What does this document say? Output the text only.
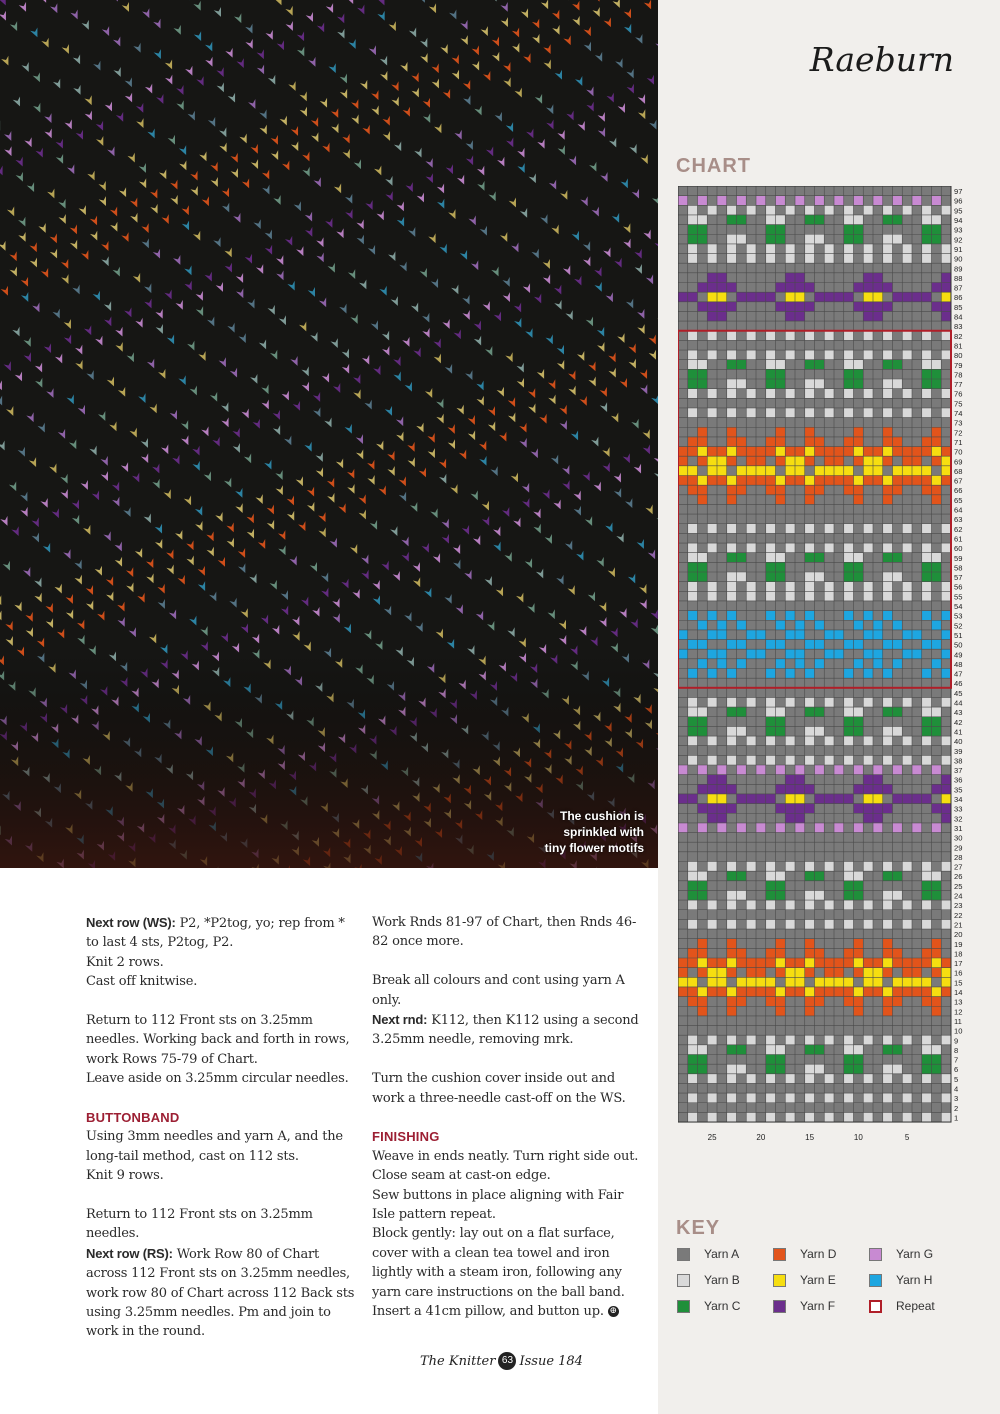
The cushion is
sprinkled with
tiny flower motifs
Raeburn
CHART
1
2
3
4
5
6
7
8
9
10
11
12
13
14
15
16
17
18
19
20
21
22
23
24
25
26
27
28
29
30
31
32
33
34
35
36
37
38
39
40
41
42
43
44
45
46
47
48
49
50
51
52
53
54
55
56
57
58
59
60
61
62
63
64
65
66
67
68
69
70
71
72
73
74
75
76
77
78
79
80
81
82
83
84
85
86
87
88
89
90
91
92
93
94
95
96
97
25	20	15	10	5
KEY
Yarn A	Yarn D	Yarn G
Yarn B	Yarn E	Yarn H
Yarn C	Yarn F	Repeat

Next row (WS): P2, *P2tog, yo; rep from * to last 4 sts, P2tog, P2.
Knit 2 rows.
Cast off knitwise.

Return to 112 Front sts on 3.25mm needles. Working back and forth in rows, work Rows 75-79 of Chart.
Leave aside on 3.25mm circular needles.

BUTTONBAND

Using 3mm needles and yarn A, and the long-tail method, cast on 112 sts.
Knit 9 rows.

Return to 112 Front sts on 3.25mm needles.
Next row (RS): Work Row 80 of Chart across 112 Front sts on 3.25mm needles, work row 80 of Chart across 112 Back sts using 3.25mm needles. Pm and join to work in the round.

Work Rnds 81-97 of Chart, then Rnds 46-82 once more.

Break all colours and cont using yarn A only.
Next rnd: K112, then K112 using a second 3.25mm needle, removing mrk.

Turn the cushion cover inside out and work a three-needle cast-off on the WS.

FINISHING
Weave in ends neatly. Turn right side out.
Close seam at cast-on edge.
Sew buttons in place aligning with Fair Isle pattern repeat.
Block gently: lay out on a flat surface, cover with a clean tea towel and iron lightly with a steam iron, following any yarn care instructions on the ball band.
Insert a 41cm pillow, and button up. ⊕
The Knitter 63 Issue 184
